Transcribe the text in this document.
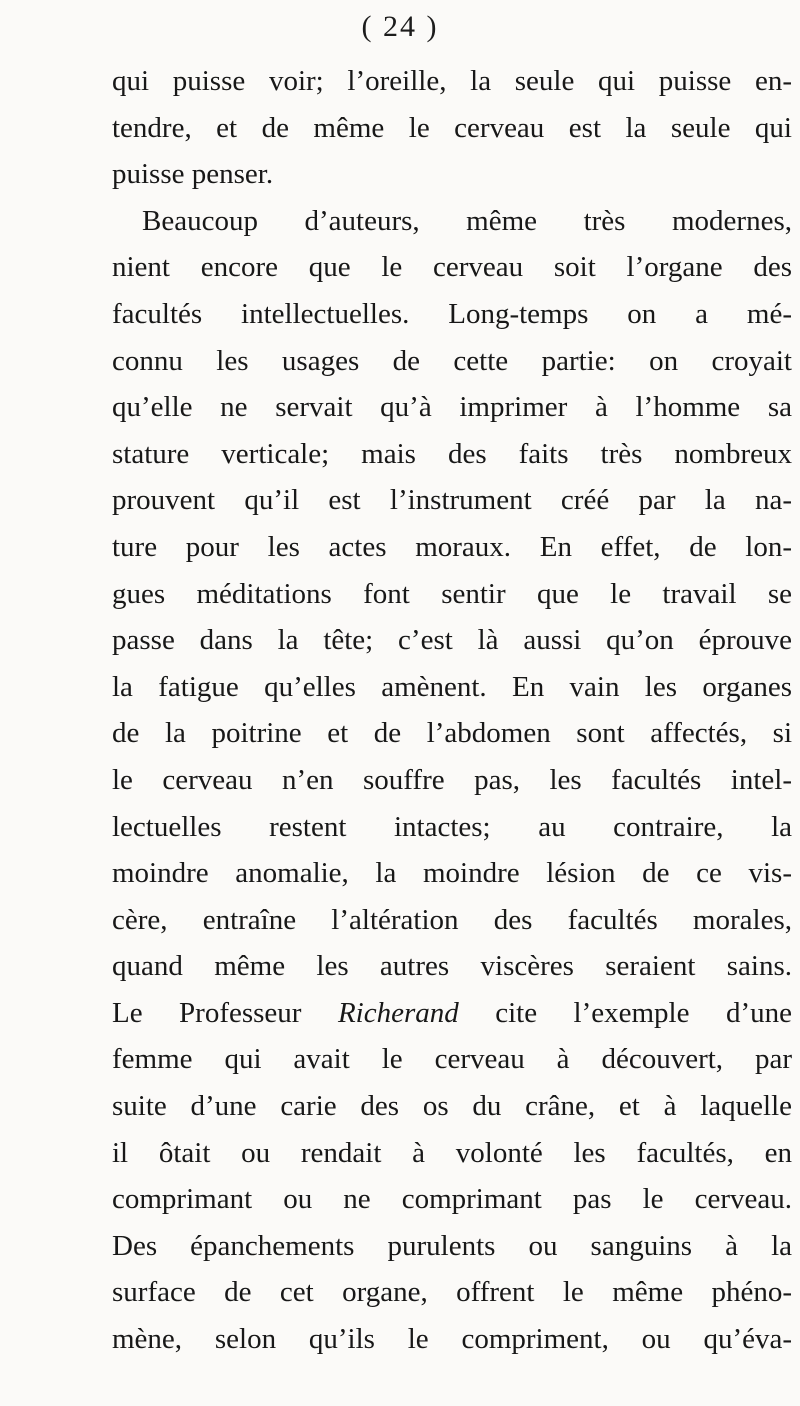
( 24 )
qui puisse voir; l’oreille, la seule qui puisse en-
tendre, et de même le cerveau est la seule qui
puisse penser.
Beaucoup d’auteurs, même très modernes,
nient encore que le cerveau soit l’organe des
facultés intellectuelles. Long-temps on a mé-
connu les usages de cette partie: on croyait
qu’elle ne servait qu’à imprimer à l’homme sa
stature verticale; mais des faits très nombreux
prouvent qu’il est l’instrument créé par la na-
ture pour les actes moraux. En effet, de lon-
gues méditations font sentir que le travail se
passe dans la tête; c’est là aussi qu’on éprouve
la fatigue qu’elles amènent. En vain les organes
de la poitrine et de l’abdomen sont affectés, si
le cerveau n’en souffre pas, les facultés intel-
lectuelles restent intactes; au contraire, la
moindre anomalie, la moindre lésion de ce vis-
cère, entraîne l’altération des facultés morales,
quand même les autres viscères seraient sains.
Le Professeur Richerand cite l’exemple d’une
femme qui avait le cerveau à découvert, par
suite d’une carie des os du crâne, et à laquelle
il ôtait ou rendait à volonté les facultés, en
comprimant ou ne comprimant pas le cerveau.
Des épanchements purulents ou sanguins à la
surface de cet organe, offrent le même phéno-
mène, selon qu’ils le compriment, ou qu’éva-
